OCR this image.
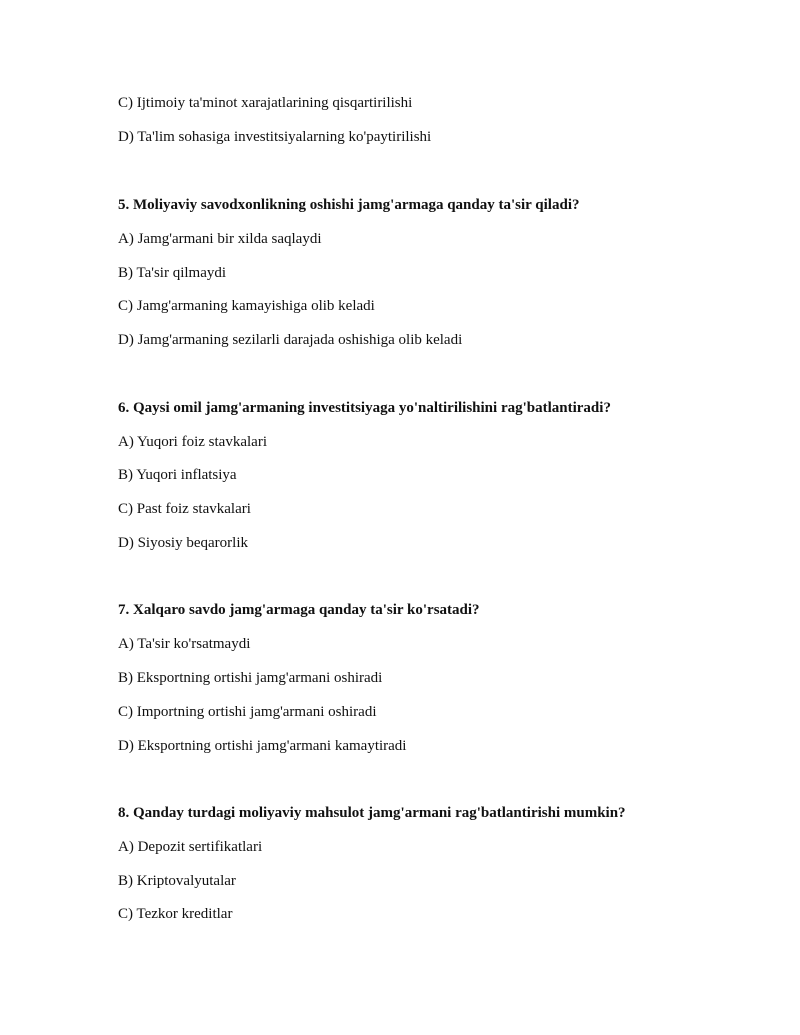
C) Ijtimoiy ta'minot xarajatlarining qisqartirilishi
D) Ta'lim sohasiga investitsiyalarning ko'paytirilishi
5. Moliyaviy savodxonlikning oshishi jamg'armaga qanday ta'sir qiladi?
A) Jamg'armani bir xilda saqlaydi
B) Ta'sir qilmaydi
C) Jamg'armaning kamayishiga olib keladi
D) Jamg'armaning sezilarli darajada oshishiga olib keladi
6. Qaysi omil jamg'armaning investitsiyaga yo'naltirilishini rag'batlantiradi?
A) Yuqori foiz stavkalari
B) Yuqori inflatsiya
C) Past foiz stavkalari
D) Siyosiy beqarorlik
7. Xalqaro savdo jamg'armaga qanday ta'sir ko'rsatadi?
A) Ta'sir ko'rsatmaydi
B) Eksportning ortishi jamg'armani oshiradi
C) Importning ortishi jamg'armani oshiradi
D) Eksportning ortishi jamg'armani kamaytiradi
8. Qanday turdagi moliyaviy mahsulot jamg'armani rag'batlantirishi mumkin?
A) Depozit sertifikatlari
B) Kriptovalyutalar
C) Tezkor kreditlar
